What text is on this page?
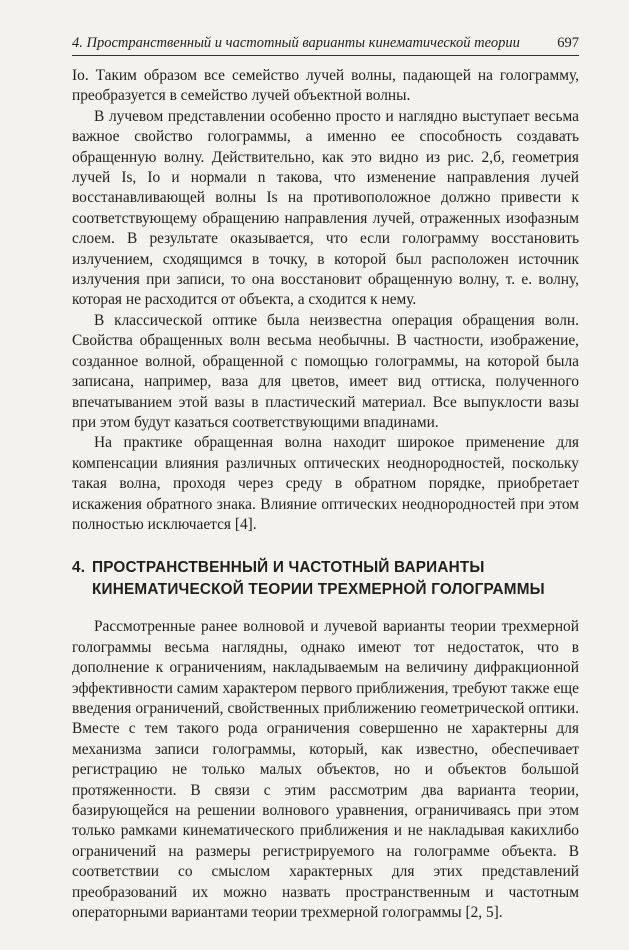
4. Пространственный и частотный варианты кинематической теории	697

Io. Таким образом все семейство лучей волны, падающей на голограмму, преобразуется в семейство лучей объектной волны.

В лучевом представлении особенно просто и наглядно выступает весьма важное свойство голограммы, а именно ее способность создавать обращенную волну. Действительно, как это видно из рис. 2,б, геометрия лучей Is, Io и нормали n такова, что изменение направления лучей восстанавливающей волны Is на противоположное должно привести к соответствующему обращению направления лучей, отраженных изофазным слоем. В результате оказывается, что если голограмму восстановить излучением, сходящимся в точку, в которой был расположен источник излучения при записи, то она восстановит обращенную волну, т. е. волну, которая не расходится от объекта, а сходится к нему.

В классической оптике была неизвестна операция обращения волн. Свойства обращенных волн весьма необычны. В частности, изображение, созданное волной, обращенной с помощью голограммы, на которой была записана, например, ваза для цветов, имеет вид оттиска, полученного впечатыванием этой вазы в пластический материал. Все выпуклости вазы при этом будут казаться соответствующими впадинами.

На практике обращенная волна находит широкое применение для компенсации влияния различных оптических неоднородностей, поскольку такая волна, проходя через среду в обратном порядке, приобретает искажения обратного знака. Влияние оптических неоднородностей при этом полностью исключается [4].

4. ПРОСТРАНСТВЕННЫЙ И ЧАСТОТНЫЙ ВАРИАНТЫ
КИНЕМАТИЧЕСКОЙ ТЕОРИИ ТРЕХМЕРНОЙ ГОЛОГРАММЫ

Рассмотренные ранее волновой и лучевой варианты теории трехмерной голограммы весьма наглядны, однако имеют тот недостаток, что в дополнение к ограничениям, накладываемым на величину дифракционной эффективности самим характером первого приближения, требуют также еще введения ограничений, свойственных приближению геометрической оптики. Вместе с тем такого рода ограничения совершенно не характерны для механизма записи голограммы, который, как известно, обеспечивает регистрацию не только малых объектов, но и объектов большой протяженности. В связи с этим рассмотрим два варианта теории, базирующейся на решении волнового уравнения, ограничиваясь при этом только рамками кинематического приближения и не накладывая какихлибо ограничений на размеры регистрируемого на голограмме объекта. В соответствии со смыслом характерных для этих представлений преобразований их можно назвать пространственным и частотным операторными вариантами теории трехмерной голограммы [2, 5].
